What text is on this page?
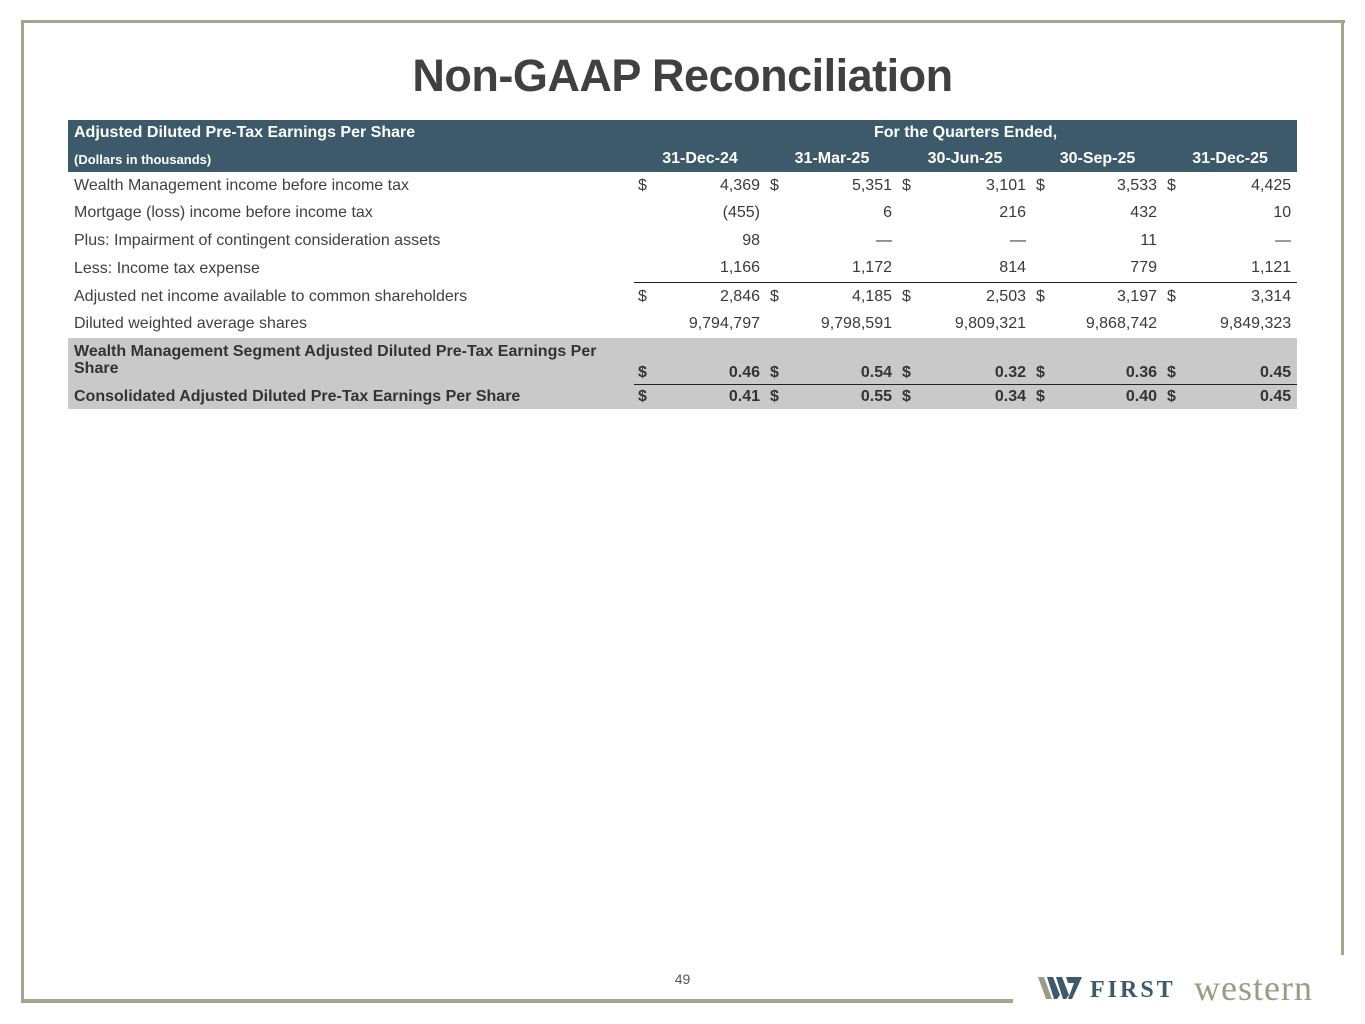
Non-GAAP Reconciliation
Adjusted Diluted Pre-Tax Earnings Per Share	For the Quarters Ended,									
(Dollars in thousands)	31-Dec-24		31-Mar-25		30-Jun-25		30-Sep-25		31-Dec-25	
Wealth Management income before income tax	$	4,369	$	5,351	$	3,101	$	3,533	$	4,425
Mortgage (loss) income before income tax		(455)		6		216		432		10
Plus: Impairment of contingent consideration assets		98		—		—		11		—
Less: Income tax expense		1,166		1,172		814		779		1,121
Adjusted net income available to common shareholders	$	2,846	$	4,185	$	2,503	$	3,197	$	3,314
Diluted weighted average shares		9,794,797		9,798,591		9,809,321		9,868,742		9,849,323
Wealth Management Segment Adjusted Diluted Pre-Tax Earnings Per Share	$	0.46	$	0.54	$	0.32	$	0.36	$	0.45
Consolidated Adjusted Diluted Pre-Tax Earnings Per Share	$	0.41	$	0.55	$	0.34	$	0.40	$	0.45
49	FIRST western
